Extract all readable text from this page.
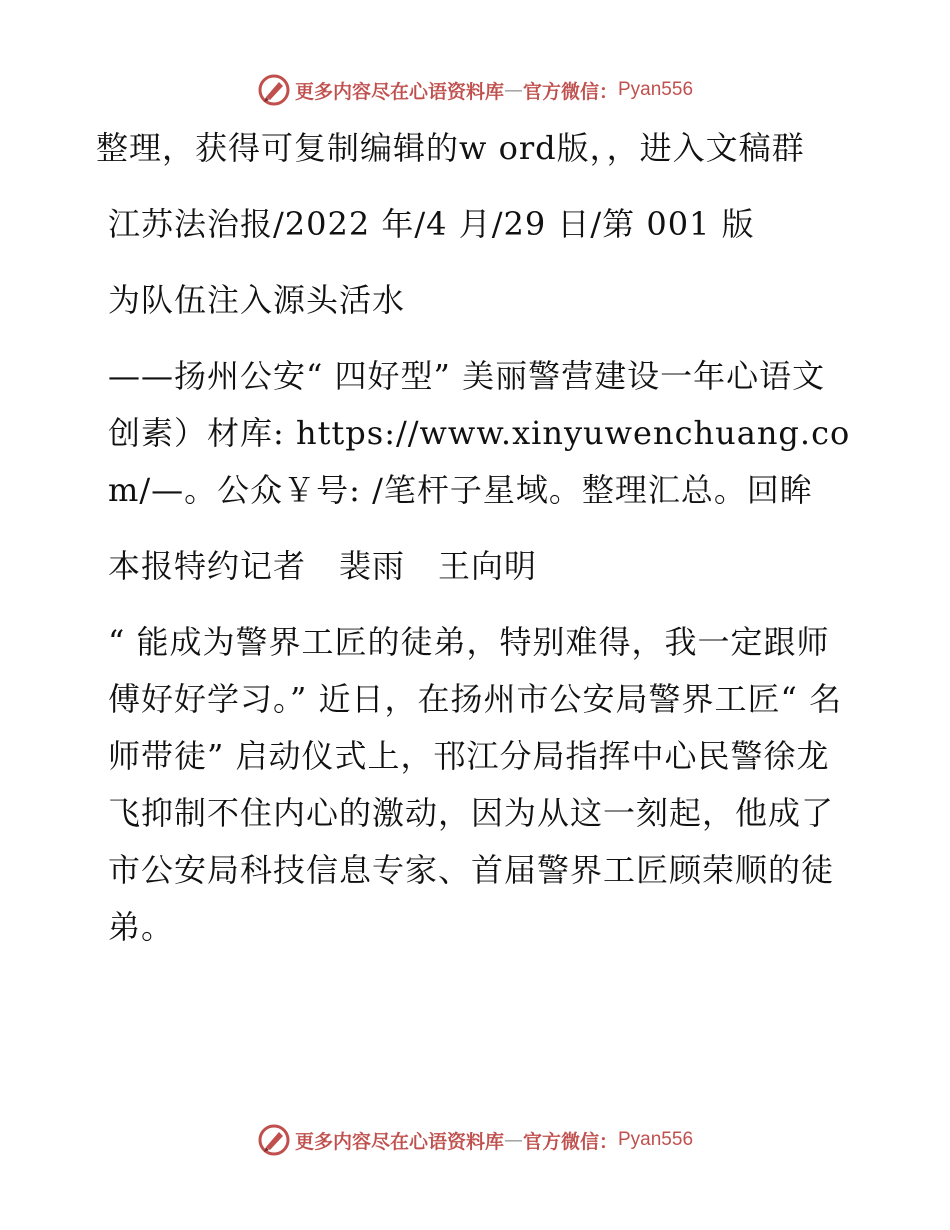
更多内容尽在心语资料库 — 官方微信： Pyan556

整理，获得可复制编辑的w ord版，，进入文稿群

江苏法治报/2022 年/4 月/29 日/第 001 版

为队伍注入源头活水

——扬州公安“ 四好型” 美丽警营建设一年心语文创素）材库: https://www.xinyuwenchuang.com/—。公众￥号: /笔杆子星域。整理汇总。回眸

本报特约记者　裴雨　王向明

“ 能成为警界工匠的徒弟，特别难得，我一定跟师傅好好学习。” 近日，在扬州市公安局警界工匠“ 名师带徒” 启动仪式上，邗江分局指挥中心民警徐龙飞抑制不住内心的激动，因为从这一刻起，他成了市公安局科技信息专家、首届警界工匠顾荣顺的徒弟。

更多内容尽在心语资料库 — 官方微信： Pyan556
